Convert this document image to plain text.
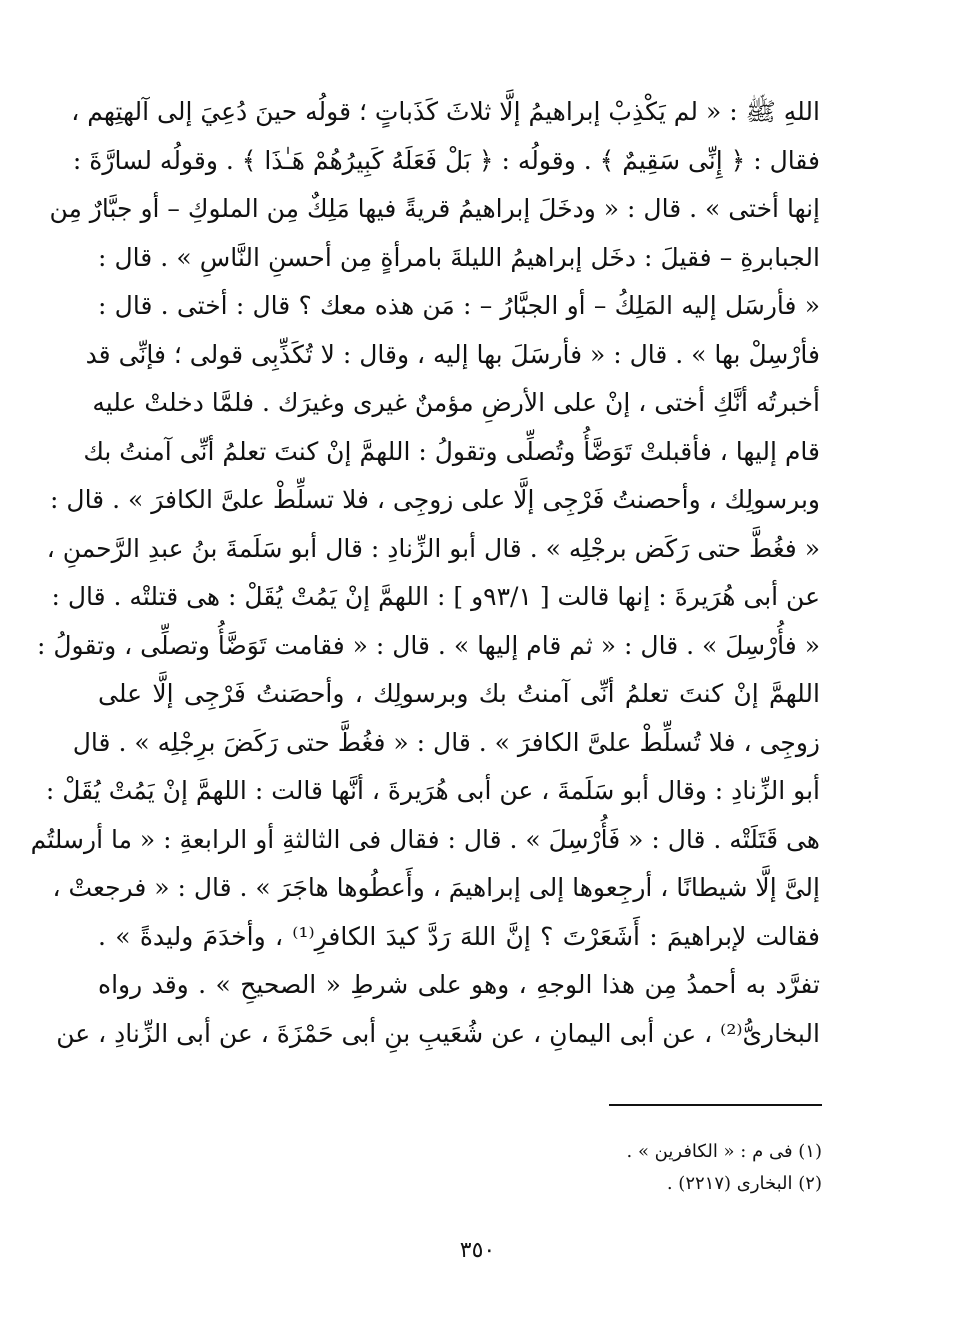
اللهِ ﷺ : « لم يَكْذِبْ إبراهيمُ إلَّا ثلاثَ كَذَباتٍ ؛ قولُه حينَ دُعِيَ إلى آلهتِهم ،
فقال : ﴿ إِنِّى سَقِيمٌ ﴾ . وقولُه : ﴿ بَلْ فَعَلَهُ كَبِيرُهُمْ هَـٰذَا ﴾ . وقولُه لسارَّةَ :
إنها أختى » . قال : « ودخَلَ إبراهيمُ قريةً فيها مَلِكٌ مِن الملوكِ – أو جبَّارٌ مِن
الجبابرةِ – فقيلَ : دخَل إبراهيمُ الليلةَ بامرأةٍ مِن أحسنِ النَّاسِ » . قال :
« فأرسَل إليه المَلِكُ – أو الجبَّارُ – : مَن هذه معك ؟ قال : أختى . قال :
فأرْسِلْ بها » . قال : « فأرسَلَ بها إليه ، وقال : لا تُكَذِّبِى قولى ؛ فإنِّى قد
أخبرتُه أنَّكِ أختى ، إنْ على الأرضِ مؤمنٌ غيرى وغيرَك . فلمَّا دخلتْ عليه
قام إليها ، فأقبلتْ تَوَضَّأُ وتُصلِّى وتقولُ : اللهمَّ إنْ كنتَ تعلمُ أنِّى آمنتُ بك
وبرسولِك ، وأحصنتُ فَرْجِى إلَّا على زوجِى ، فلا تسلِّطْ علىَّ الكافرَ » . قال :
« فغُطَّ حتى رَكَض برجْلِه » . قال أبو الزِّنادِ : قال أبو سَلَمةَ بنُ عبدِ الرَّحمنِ ،
عن أبى هُرَيرةَ : إنها قالت [ ٩٣/١و ] : اللهمَّ إنْ يَمُتْ يُقَلْ : هى قتلتْه . قال :
« فأُرْسِلَ » . قال : « ثم قام إليها » . قال : « فقامت تَوَضَّأُ وتصلِّى ، وتقولُ :
اللهمَّ إنْ كنتَ تعلمُ أنِّى آمنتُ بك وبرسولِك ، وأحصَنتُ فَرْجِى إلَّا على
زوجِى ، فلا تُسلِّطْ علىَّ الكافرَ » . قال : « فغُطَّ حتى رَكَضَ برِجْلِه » . قال
أبو الزِّنادِ : وقال أبو سَلَمةَ ، عن أبى هُرَيرةَ ، أنَّها قالت : اللهمَّ إنْ يَمُتْ يُقَلْ :
هى قَتَلَتْه . قال : « فَأُرْسِلَ » . قال : فقال فى الثالثةِ أو الرابعةِ : « ما أرسلتُم
إلىَّ إلَّا شيطانًا ، أرجِعوها إلى إبراهيمَ ، وأَعطُوها هاجَرَ » . قال : « فرجعتْ ،
فقالت لإبراهيمَ : أَشَعَرْتَ ؟ إنَّ اللهَ رَدَّ كيدَ الكافرِ⁽¹⁾ ، وأخدَمَ وليدةً » .
تفرَّد به أحمدُ مِن هذا الوجهِ ، وهو على شرطِ « الصحيحِ » . وقد رواه
البخارىُّ⁽²⁾ ، عن أبى اليمانِ ، عن شُعَيبِ بنِ أبى حَمْزَةَ ، عن أبى الزِّنادِ ، عن
(١) فى م : « الكافرين » .
(٢) البخارى (٢٢١٧) .
٣٥٠
